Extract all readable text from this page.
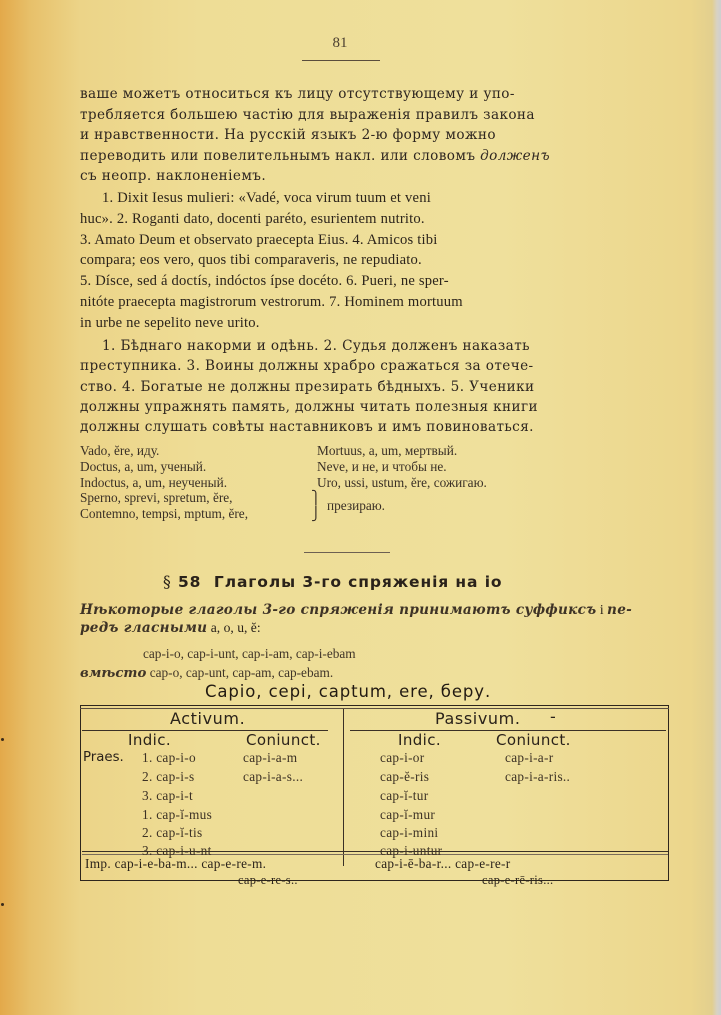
81
ваше можетъ относиться къ лицу отсутствующему и упо-
требляется большею частію для выраженія правилъ закона
и нравственности. На русскій языкъ 2-ю форму можно
переводить или повелительнымъ накл. или словомъ долженъ
съ неопр. наклоненіемъ.
1. Dixit Iesus mulieri: «Vadé, voca virum tuum et veni
huc». 2. Roganti dato, docenti paréto, esurientem nutrito.
3. Amato Deum et observato praecepta Eius. 4. Amicos tibi
compara; eos vero, quos tibi comparaveris, ne repudiato.
5. Dísce, sed á doctís, indóctos ípse docéto. 6. Pueri, ne sper-
nitóte praecepta magistrorum vestrorum. 7. Hominem mortuum
in urbe ne sepelito neve urito.
1. Бѣднаго накорми и одѣнь. 2. Судья долженъ наказать
преступника. 3. Воины должны храбро сражаться за отече-
ство. 4. Богатые не должны презирать бѣдныхъ. 5. Ученики
должны упражнять память, должны читать полезныя книги
должны слушать совѣты наставниковъ и имъ повиноваться.
Vado, ĕre, иду.
Doctus, a, um, ученый.
Indoctus, a, um, неученый.
Sperno, sprevi, spretum, ĕre,
Contemno, tempsi, mptum, ĕre,
⎫
⎭
презираю.
Mortuus, a, um, мертвый.
Neve, и не, и чтобы не.
Uro, ussi, ustum, ĕre, сожигаю.
§ 58 Глаголы 3-го спряженія на io
Нѣкоторые глаголы 3-го спряженія принимаютъ суффиксъ i пе-
редъ гласными a, o, u, ĕ:
cap-i-o, cap-i-unt, cap-i-am, cap-i-ebam
вмѣсто cap-o, cap-unt, cap-am, cap-ebam.
Capio, cepi, captum, ere, беру.
Activum.
Indic.	Coniunct.
Praes. 1. cap-i-o
2. cap-i-s
3. cap-i-t
1. cap-ĭ-mus
2. cap-ĭ-tis
3. cap-i-u-nt
cap-i-a-m
cap-i-a-s...
Imp. cap-i-e-ba-m... cap-e-re-m.
cap-e-re-s..
Passivum. -
Indic.	Coniunct.
cap-i-or
cap-ĕ-ris
cap-ĭ-tur
cap-ĭ-mur
cap-i-mini
cap-i-untur
cap-i-a-r
cap-i-a-ris..
cap-i-ē-ba-r... cap-e-re-r
cap-e-rē-ris...
